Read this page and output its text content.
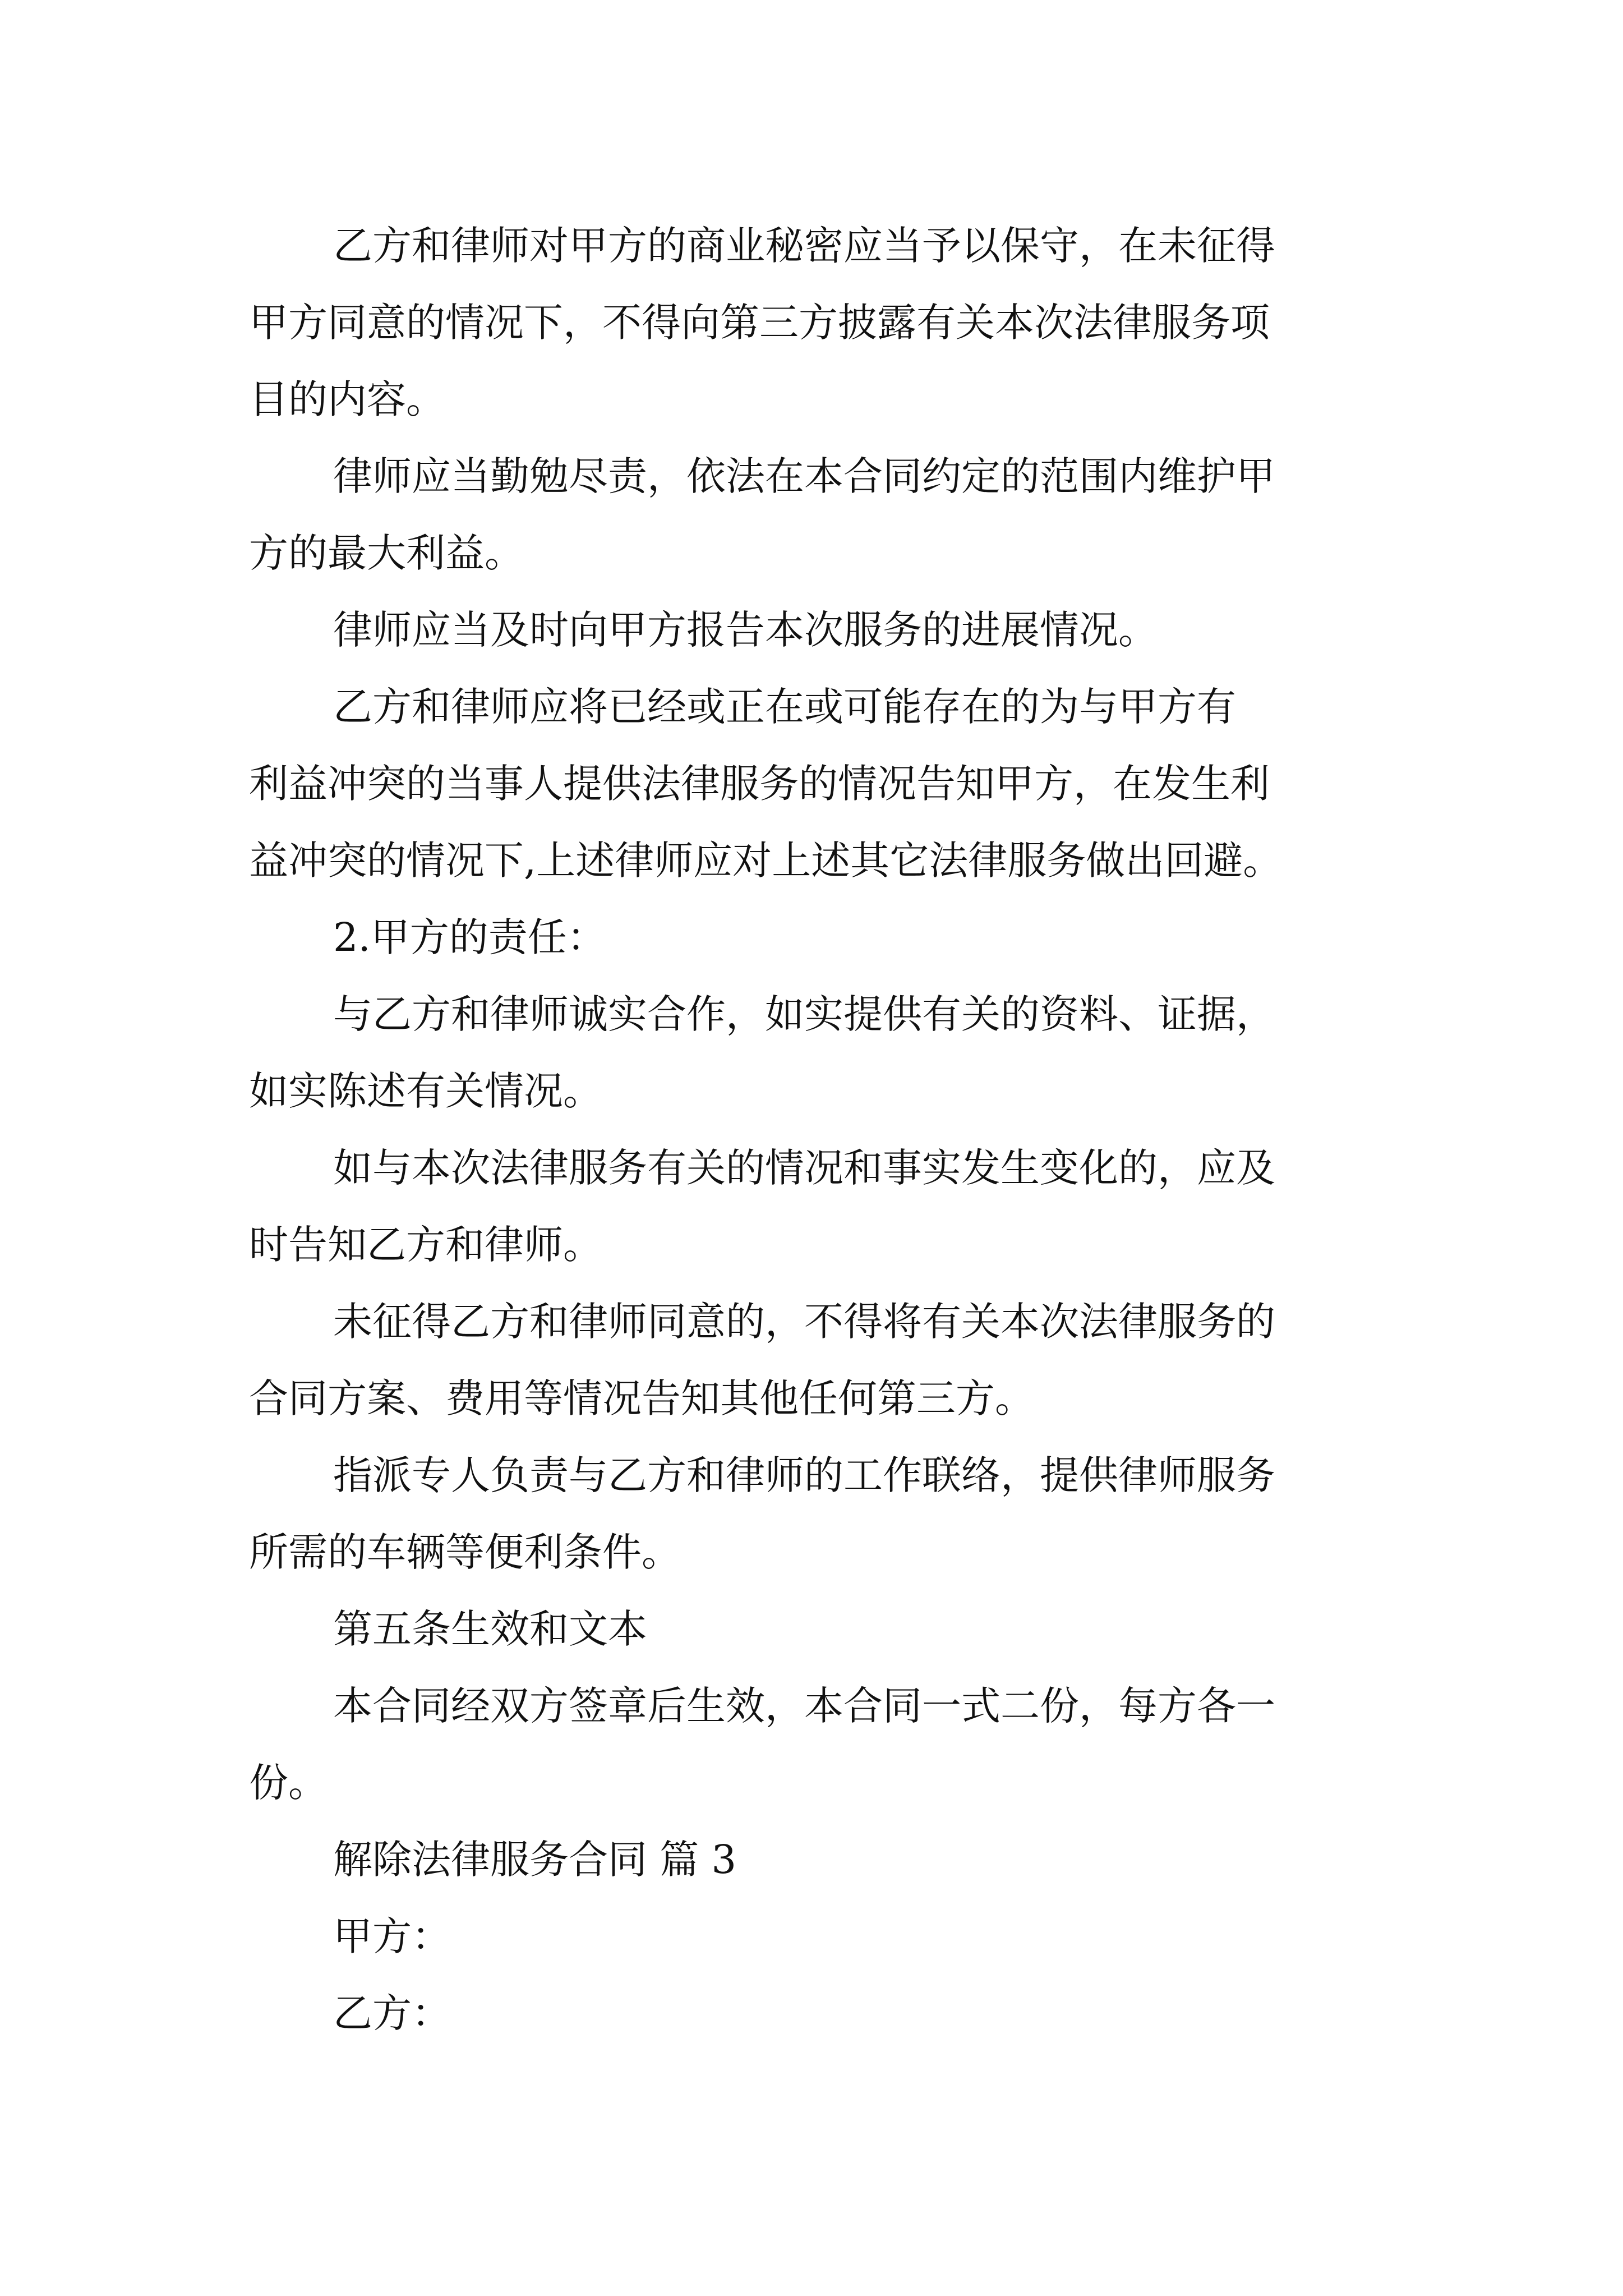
乙方和律师对甲方的商业秘密应当予以保守，在未征得
甲方同意的情况下，不得向第三方披露有关本次法律服务项
目的内容。
律师应当勤勉尽责，依法在本合同约定的范围内维护甲
方的最大利益。
律师应当及时向甲方报告本次服务的进展情况。
乙方和律师应将已经或正在或可能存在的为与甲方有
利益冲突的当事人提供法律服务的情况告知甲方，在发生利
益冲突的情况下,上述律师应对上述其它法律服务做出回避。
2.甲方的责任：
与乙方和律师诚实合作，如实提供有关的资料、证据，
如实陈述有关情况。
如与本次法律服务有关的情况和事实发生变化的，应及
时告知乙方和律师。
未征得乙方和律师同意的，不得将有关本次法律服务的
合同方案、费用等情况告知其他任何第三方。
指派专人负责与乙方和律师的工作联络，提供律师服务
所需的车辆等便利条件。
第五条生效和文本
本合同经双方签章后生效，本合同一式二份，每方各一
份。
解除法律服务合同 篇 3
甲方：
乙方：
